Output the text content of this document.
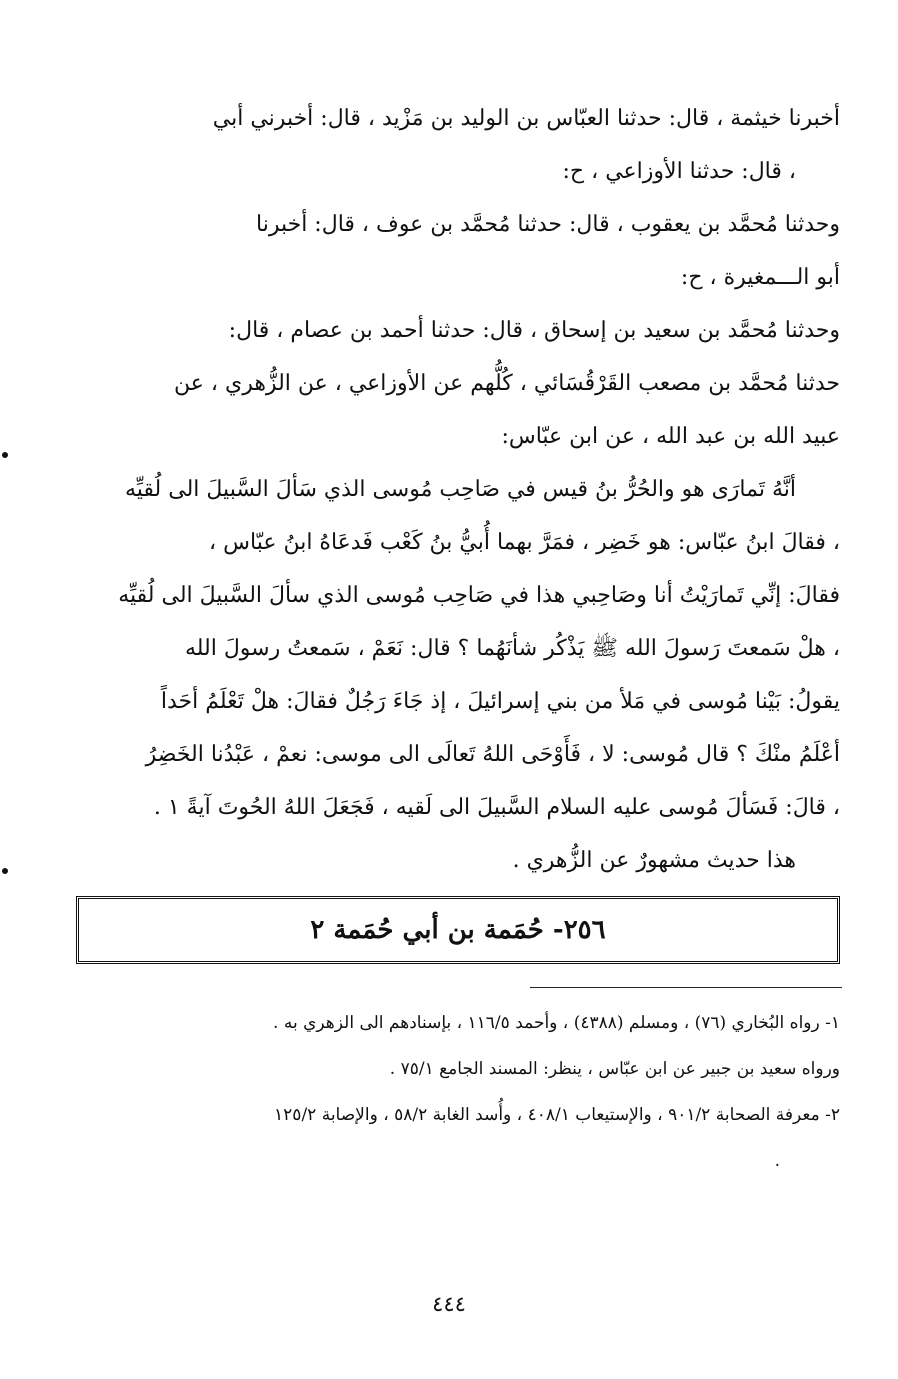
أخبرنا خيثمة ، قال: حدثنا العبّاس بن الوليد بن مَزْيد ، قال: أخبرني أبي
، قال: حدثنا الأوزاعي ، ح:
وحدثنا مُحمَّد بن يعقوب ، قال: حدثنا مُحمَّد بن عوف ، قال: أخبرنا
أبو الـــمغيرة ، ح:
وحدثنا مُحمَّد بن سعيد بن إسحاق ، قال: حدثنا أحمد بن عصام ، قال:
حدثنا مُحمَّد بن مصعب القَرْقُسَائي ، كُلُّهم عن الأوزاعي ، عن الزُّهري ، عن
عبيد الله بن عبد الله ، عن ابن عبّاس:
أنَّهُ تَمارَى هو والحُرُّ بنُ قيس في صَاحِب مُوسى الذي سَألَ السَّبيلَ الى لُقيِّه
، فقالَ ابنُ عبّاس: هو خَضِر ، فمَرَّ بهما أُبيُّ بنُ كَعْب فَدعَاهُ ابنُ عبّاس ،
فقالَ: إنِّي تَمارَيْتُ أنا وصَاحِبي هذا في صَاحِب مُوسى الذي سألَ السَّبيلَ الى لُقيِّه
، هلْ سَمعتَ رَسولَ الله ﷺ يَذْكُر شأنَهُما ؟ قال: نَعَمْ ، سَمعتُ رسولَ الله
يقولُ: بَيْنا مُوسى في مَلأ من بني إسرائيلَ ، إذ جَاءَ رَجُلٌ فقالَ: هلْ تَعْلَمُ أحَداً
أعْلَمُ منْكَ ؟ قال مُوسى: لا ، فَأَوْحَى اللهُ تَعالَى الى موسى: نعمْ ، عَبْدُنا الخَضِرُ
، قالَ: فَسَألَ مُوسى عليه السلام السَّبيلَ الى لَقيه ، فَجَعَلَ اللهُ الحُوتَ آيةً ١ .
هذا حديث مشهورٌ عن الزُّهري .
٢٥٦- حُمَمة بن أبي حُمَمة ٢
١- رواه البُخاري (٧٦) ، ومسلم (٤٣٨٨) ، وأحمد ١١٦/٥ ، بإسنادهم الى الزهري به .
ورواه سعيد بن جبير عن ابن عبّاس ، ينظر: المسند الجامع ٧٥/١ .
٢- معرفة الصحابة ٩٠١/٢ ، والإستيعاب ٤٠٨/١ ، وأُسد الغابة ٥٨/٢ ، والإصابة ١٢٥/٢
.
٤٤٤
